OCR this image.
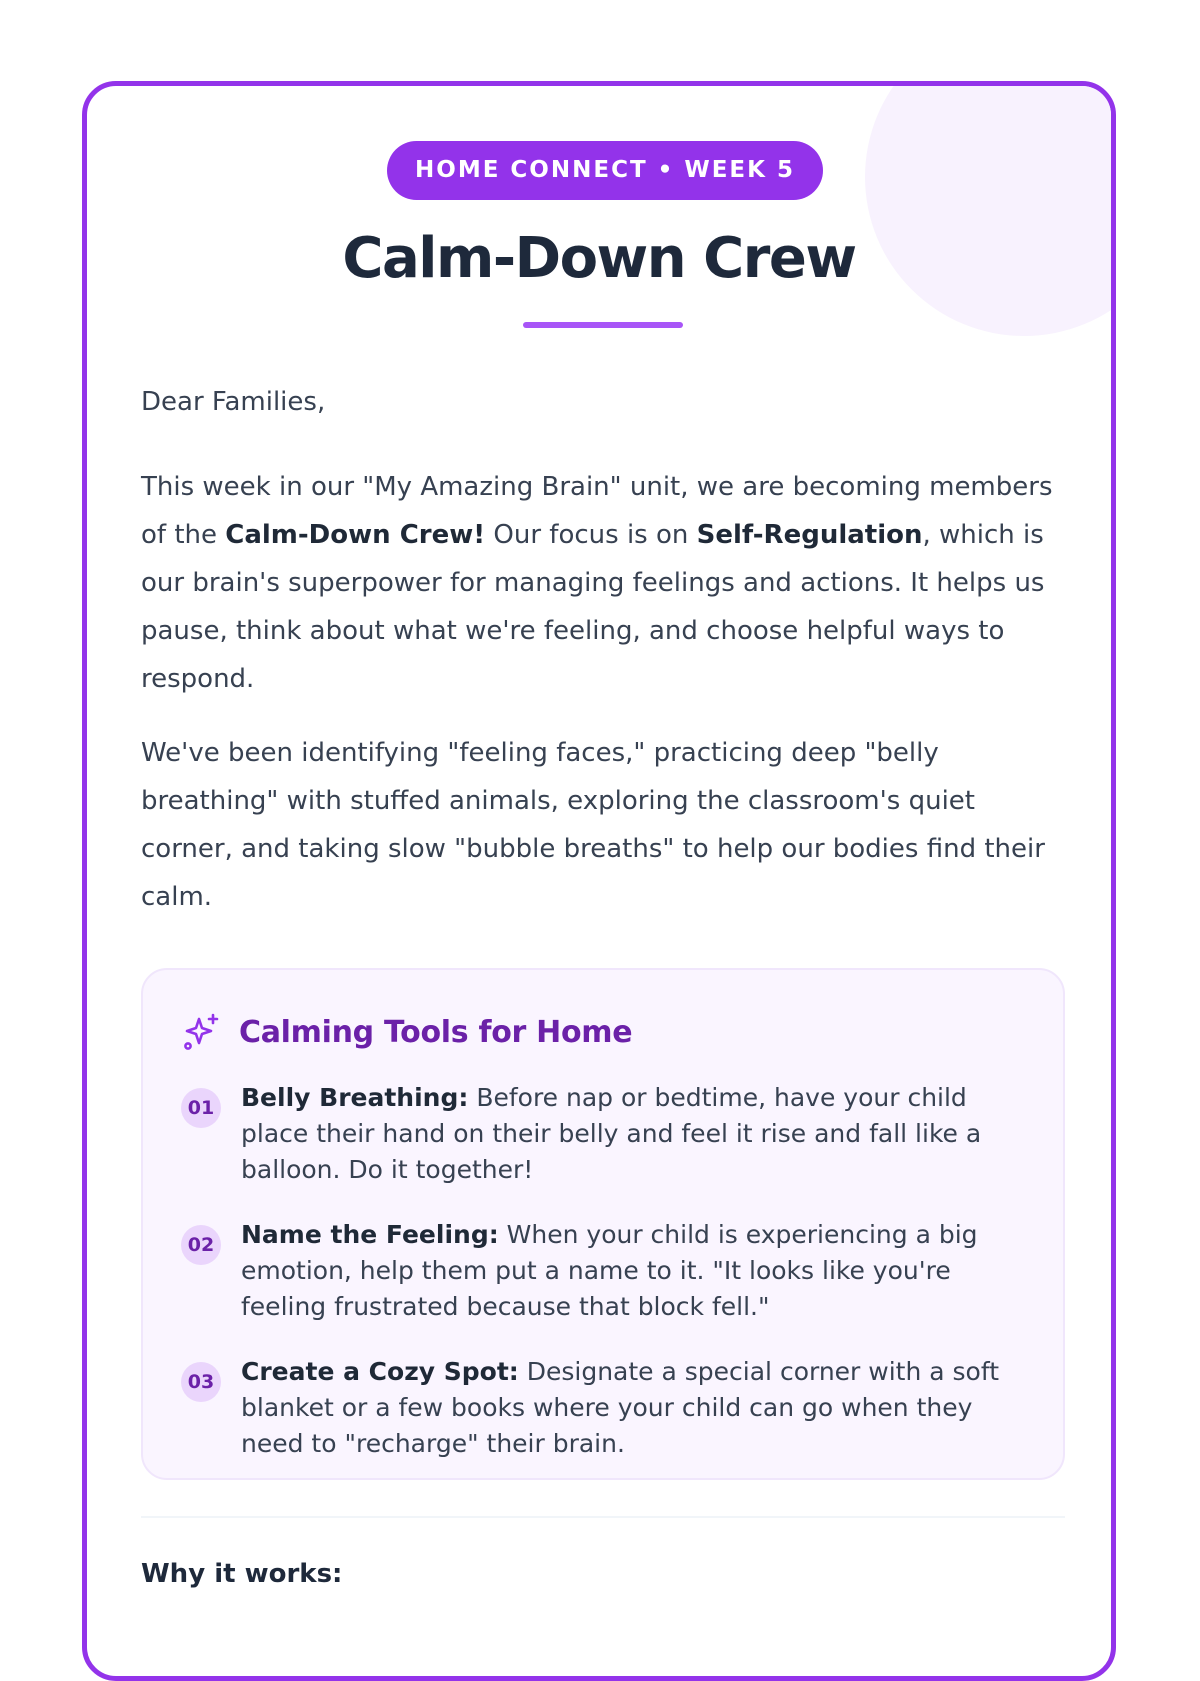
HOME CONNECT • WEEK 5
Calm-Down Crew

Dear Families,

This week in our "My Amazing Brain" unit, we are becoming members of the Calm-Down Crew! Our focus is on Self-Regulation, which is our brain's superpower for managing feelings and actions. It helps us pause, think about what we're feeling, and choose helpful ways to respond.

We've been identifying "feeling faces," practicing deep "belly breathing" with stuffed animals, exploring the classroom's quiet corner, and taking slow "bubble breaths" to help our bodies find their calm.

Calming Tools for Home
01 Belly Breathing: Before nap or bedtime, have your child place their hand on their belly and feel it rise and fall like a balloon. Do it together!
02 Name the Feeling: When your child is experiencing a big emotion, help them put a name to it. "It looks like you're feeling frustrated because that block fell."
03 Create a Cozy Spot: Designate a special corner with a soft blanket or a few books where your child can go when they need to "recharge" their brain.
Why it works:
